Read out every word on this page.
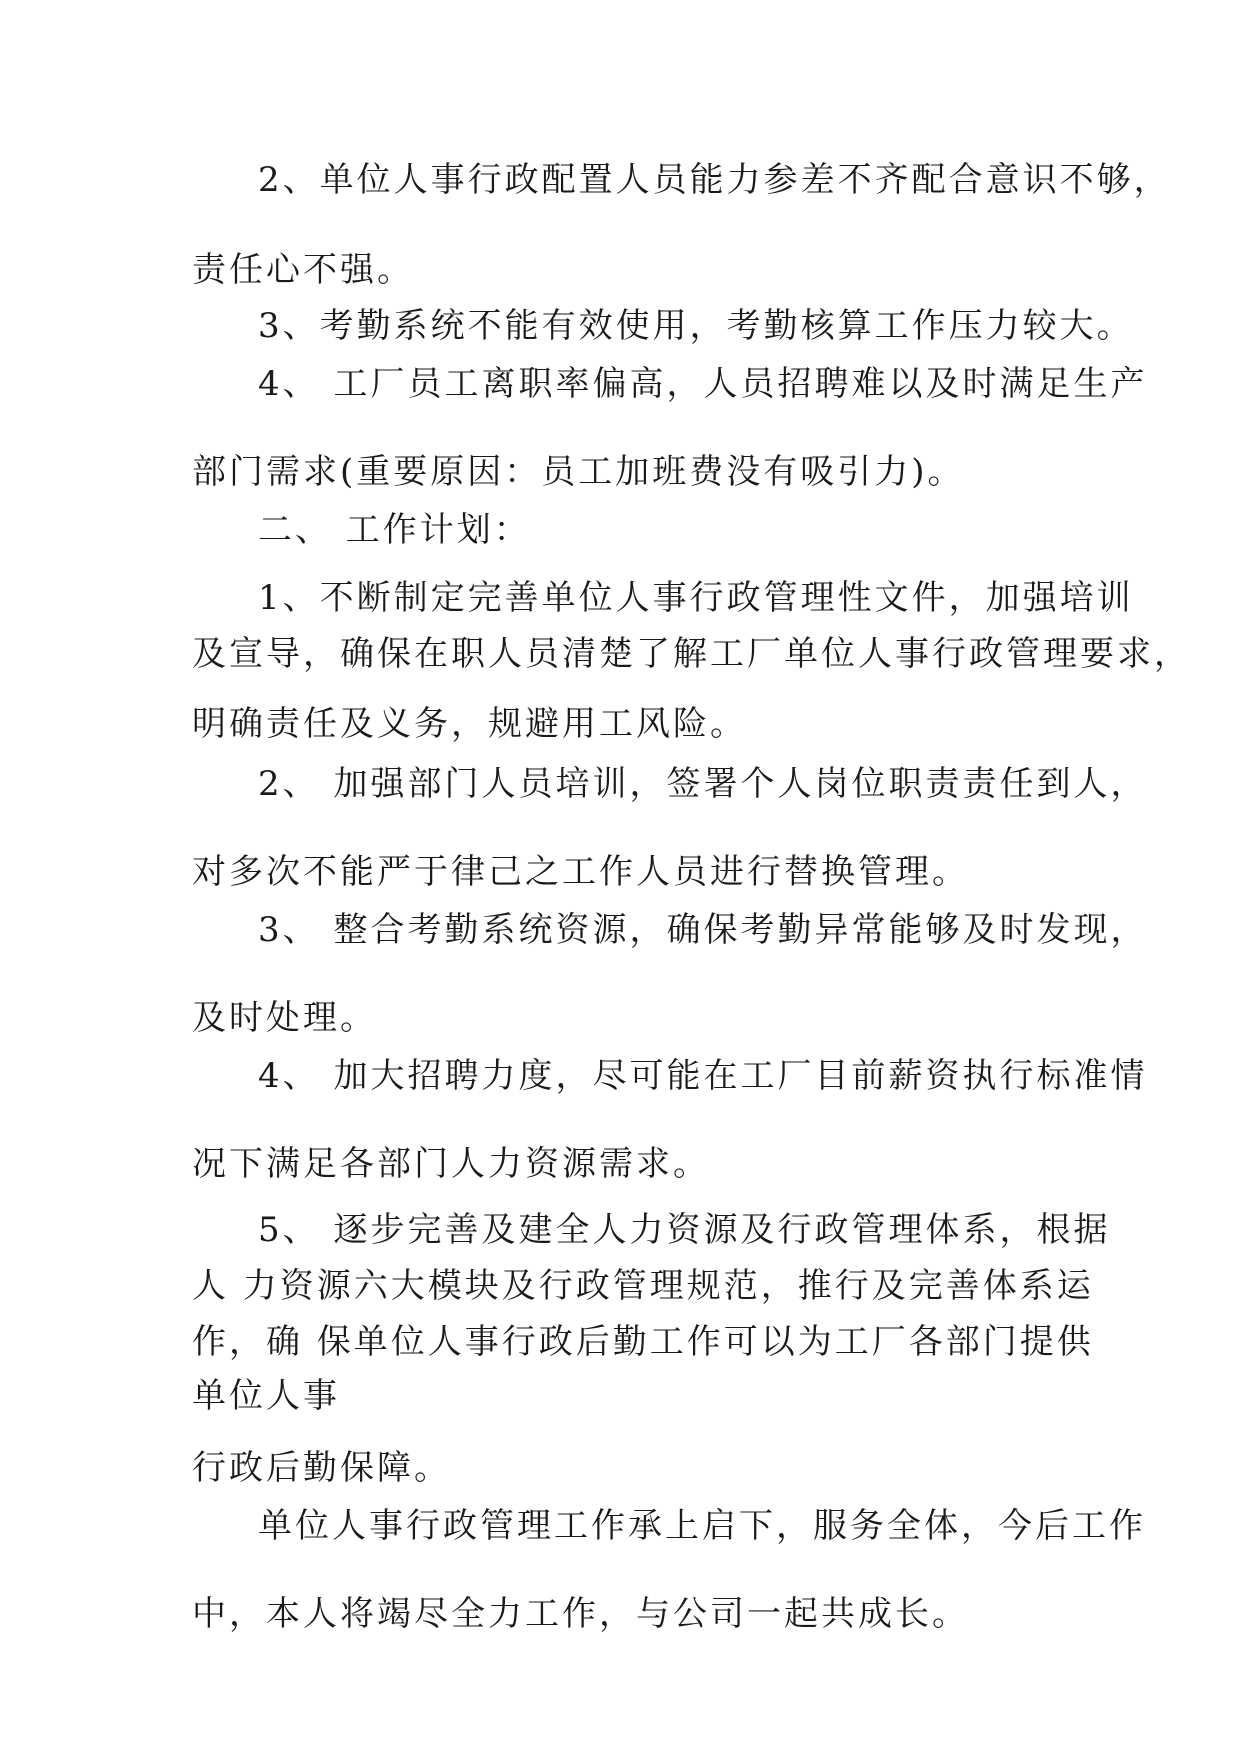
2、单位人事行政配置人员能力参差不齐配合意识不够，
责任心不强。
3、考勤系统不能有效使用，考勤核算工作压力较大。
4、 工厂员工离职率偏高，人员招聘难以及时满足生产
部门需求(重要原因：员工加班费没有吸引力)。
二、 工作计划：
1、不断制定完善单位人事行政管理性文件，加强培训
及宣导，确保在职人员清楚了解工厂单位人事行政管理要求，
明确责任及义务，规避用工风险。
2、 加强部门人员培训，签署个人岗位职责责任到人，
对多次不能严于律己之工作人员进行替换管理。
3、 整合考勤系统资源，确保考勤异常能够及时发现，
及时处理。
4、 加大招聘力度，尽可能在工厂目前薪资执行标准情
况下满足各部门人力资源需求。
5、 逐步完善及建全人力资源及行政管理体系，根据
人 力资源六大模块及行政管理规范，推行及完善体系运
作，确 保单位人事行政后勤工作可以为工厂各部门提供
单位人事
行政后勤保障。
单位人事行政管理工作承上启下，服务全体，今后工作
中，本人将竭尽全力工作，与公司一起共成长。
